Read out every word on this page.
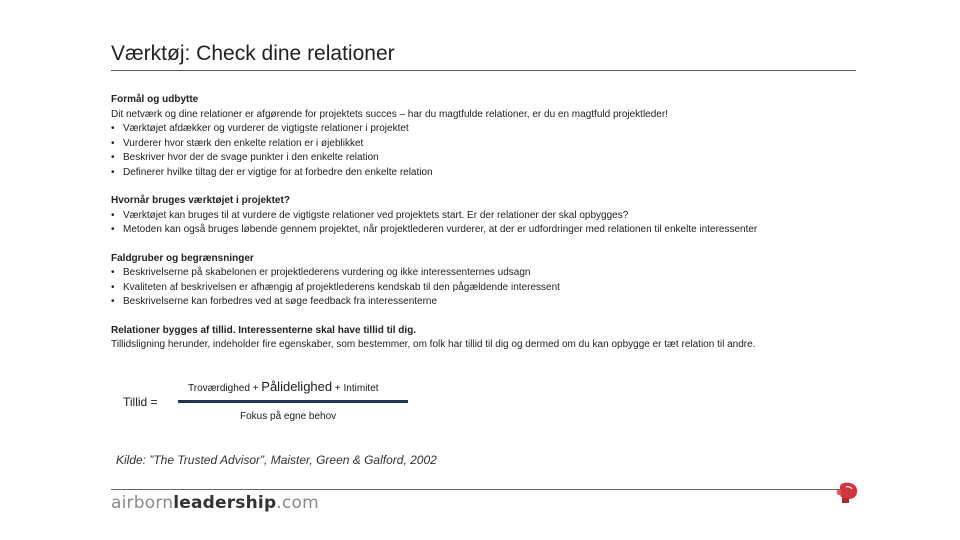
Værktøj: Check dine relationer
Formål og udbytte
Dit netværk og dine relationer er afgørende for projektets succes – har du magtfulde relationer, er du en magtfuld projektleder!
• Værktøjet afdækker og vurderer de vigtigste relationer i projektet
• Vurderer hvor stærk den enkelte relation er i øjeblikket
• Beskriver hvor der de svage punkter i den enkelte relation
• Definerer hvilke tiltag der er vigtige for at forbedre den enkelte relation
Hvornår bruges værktøjet i projektet?
• Værktøjet kan bruges til at vurdere de vigtigste relationer ved projektets start. Er der relationer der skal opbygges?
• Metoden kan også bruges løbende gennem projektet, når projektlederen vurderer, at der er udfordringer med relationen til enkelte interessenter
Faldgruber og begrænsninger
• Beskrivelserne på skabelonen er projektlederens vurdering og ikke interessenternes udsagn
• Kvaliteten af beskrivelsen er afhængig af projektlederens kendskab til den pågældende interessent
• Beskrivelserne kan forbedres ved at søge feedback fra interessenterne
Relationer bygges af tillid. Interessenterne skal have tillid til dig.
Tillidsligning herunder, indeholder fire egenskaber, som bestemmer, om folk har tillid til dig og dermed om du kan opbygge er tæt relation til andre.
Tillid =
Troværdighed + Pålidelighed + Intimitet
Fokus på egne behov
Kilde: ”The Trusted Advisor”, Maister, Green & Galford, 2002
airbornleadership.com
